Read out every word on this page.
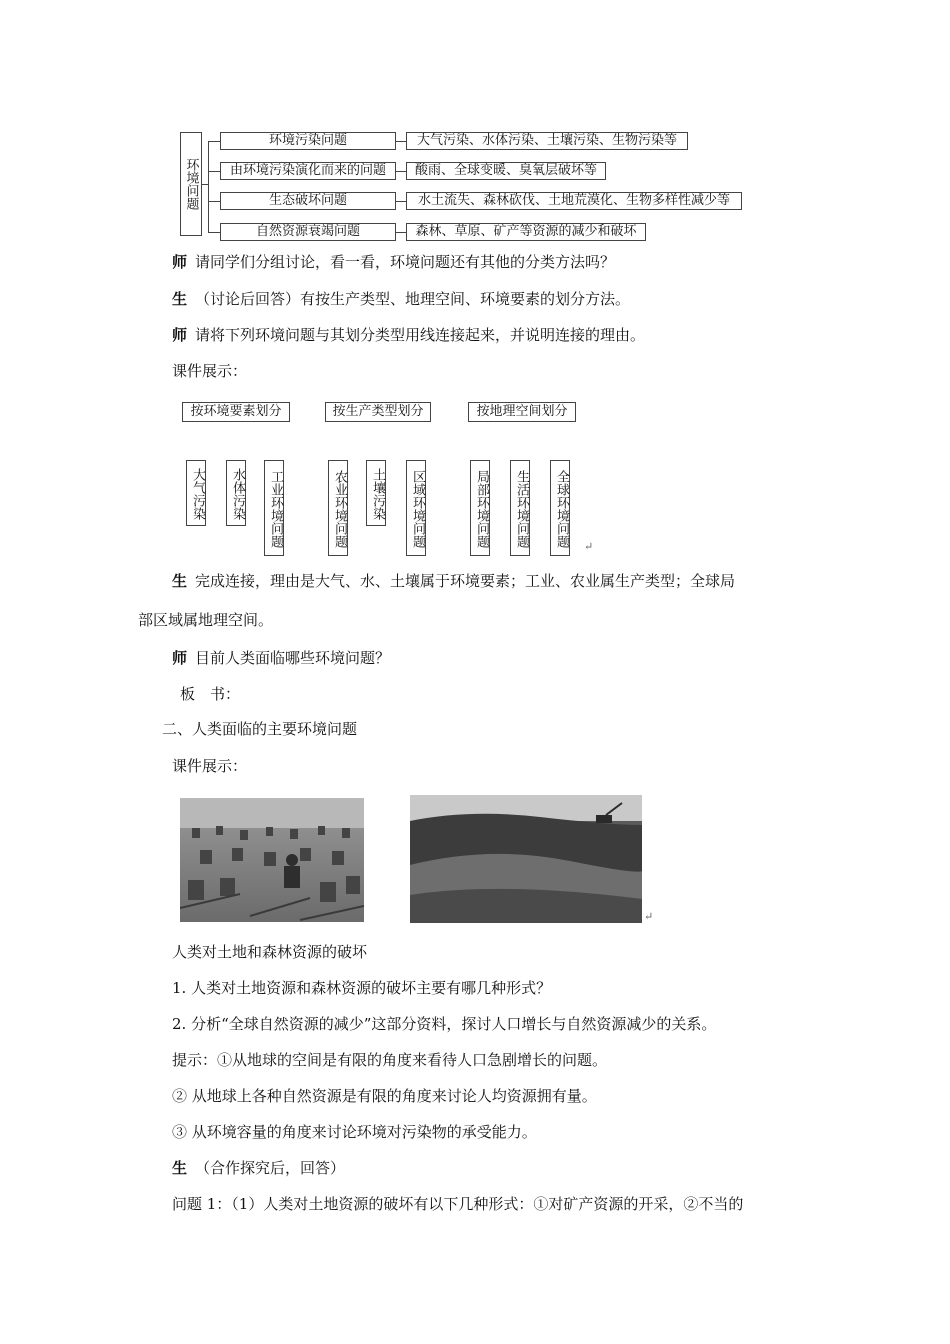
环境问题
环境污染问题
由环境污染演化而来的问题
生态破坏问题
自然资源衰竭问题
大气污染、水体污染、土壤污染、生物污染等
酸雨、全球变暖、臭氧层破坏等
水土流失、森林砍伐、土地荒漠化、生物多样性减少等
森林、草原、矿产等资源的减少和破坏
师 请同学们分组讨论，看一看，环境问题还有其他的分类方法吗？
生 （讨论后回答）有按生产类型、地理空间、环境要素的划分方法。
师 请将下列环境问题与其划分类型用线连接起来，并说明连接的理由。
课件展示：
按环境要素划分	按生产类型划分	按地理空间划分
大气污染	水体污染	工业环境问题	农业环境问题	土壤污染	区域环境问题	局部环境问题	生活环境问题	全球环境问题 ↵
生 完成连接，理由是大气、水、土壤属于环境要素；工业、农业属生产类型；全球局
部区域属地理空间。
师 目前人类面临哪些环境问题？
板　书：
二、人类面临的主要环境问题
课件展示：
↵
人类对土地和森林资源的破坏
1. 人类对土地资源和森林资源的破坏主要有哪几种形式？
2. 分析“全球自然资源的减少”这部分资料，探讨人口增长与自然资源减少的关系。
提示：①从地球的空间是有限的角度来看待人口急剧增长的问题。
② 从地球上各种自然资源是有限的角度来讨论人均资源拥有量。
③ 从环境容量的角度来讨论环境对污染物的承受能力。
生 （合作探究后，回答）
问题 1：（1）人类对土地资源的破坏有以下几种形式：①对矿产资源的开采，②不当的
